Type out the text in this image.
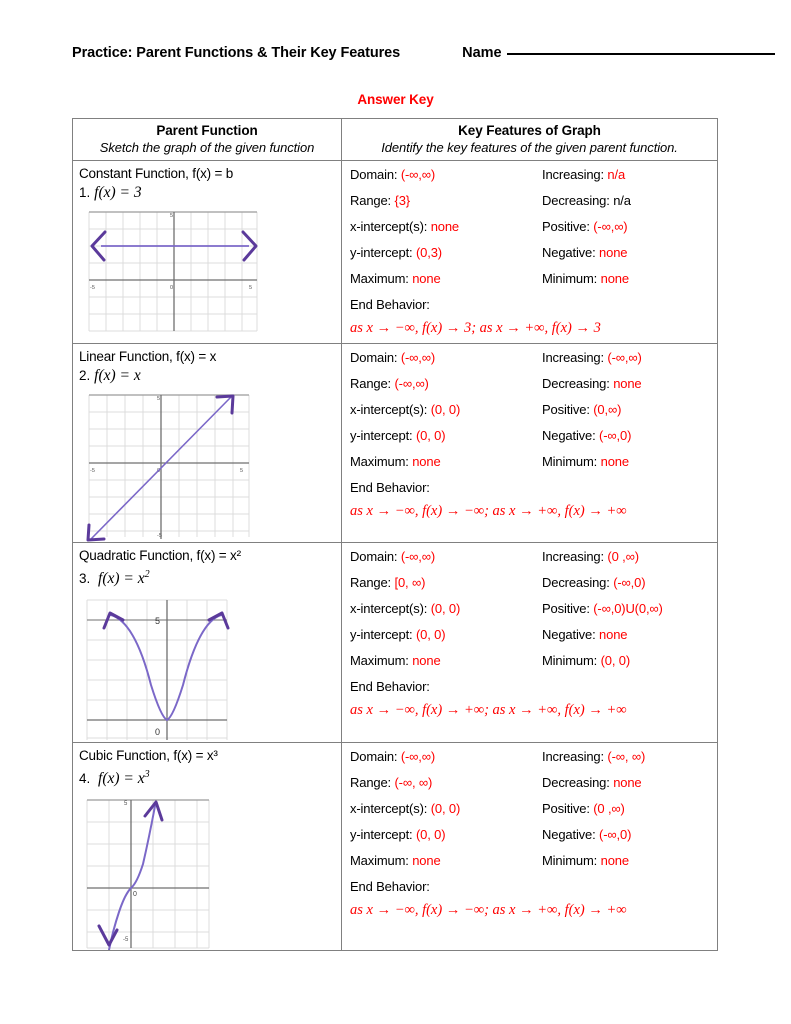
Practice: Parent Functions & Their Key Features	Name
Answer Key
Parent Function
Sketch the graph of the given function
Key Features of Graph
Identify the key features of the given parent function.
Constant Function, f(x) = b
1. f(x) = 3
-5	0	5
5
Domain: (-∞,∞)	Increasing: n/a
Range: {3}	Decreasing: n/a
x-intercept(s): none	Positive: (-∞,∞)
y-intercept: (0,3)	Negative: none
Maximum: none	Minimum: none
End Behavior:
as x → −∞, f(x) → 3; as x → +∞, f(x) → 3
Linear Function, f(x) = x
2. f(x) = x
-5	5
5
-5
Domain: (-∞,∞)	Increasing: (-∞,∞)
Range: (-∞,∞)	Decreasing: none
x-intercept(s): (0, 0)	Positive: (0,∞)
y-intercept: (0, 0)	Negative: (-∞,0)
Maximum: none	Minimum: none
End Behavior:
as x → −∞, f(x) → −∞; as x → +∞, f(x) → +∞
Quadratic Function, f(x) = x²
3. $f(x) = x^2$
5
0
Domain: (-∞,∞)	Increasing: (0 ,∞)
Range: [0, ∞)	Decreasing: (-∞,0)
x-intercept(s): (0, 0)	Positive: (-∞,0)U(0,∞)
y-intercept: (0, 0)	Negative: none
Maximum: none	Minimum: (0, 0)
End Behavior:
as x → −∞, f(x) → +∞; as x → +∞, f(x) → +∞
Cubic Function, f(x) = x³
4. $f(x) = x^3$
5
0
-5
Domain: (-∞,∞)	Increasing: (-∞, ∞)
Range: (-∞, ∞)	Decreasing: none
x-intercept(s): (0, 0)	Positive: (0 ,∞)
y-intercept: (0, 0)	Negative: (-∞,0)
Maximum: none	Minimum: none
End Behavior:
as x → −∞, f(x) → −∞; as x → +∞, f(x) → +∞
